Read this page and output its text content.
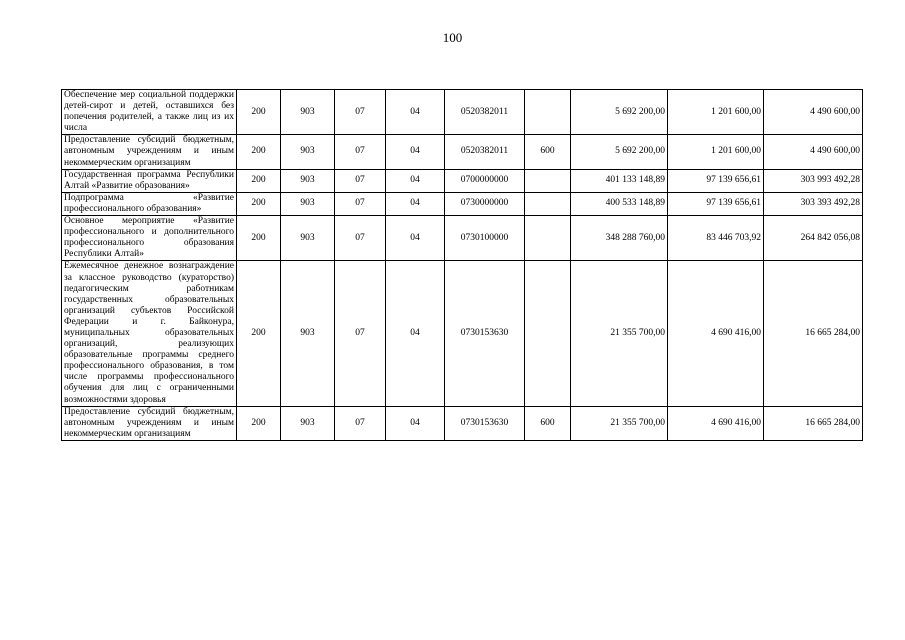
100
Обеспечение мер социальной поддержки детей-сирот и детей, оставшихся без попечения родителей, а также лиц из их числа	200	903	07	04	0520382011		5 692 200,00	1 201 600,00	4 490 600,00
Предоставление субсидий бюджетным, автономным учреждениям и иным некоммерческим организациям	200	903	07	04	0520382011	600	5 692 200,00	1 201 600,00	4 490 600,00
Государственная программа Республики Алтай «Развитие образования»	200	903	07	04	0700000000		401 133 148,89	97 139 656,61	303 993 492,28
Подпрограмма «Развитие профессионального образования»	200	903	07	04	0730000000		400 533 148,89	97 139 656,61	303 393 492,28
Основное мероприятие «Развитие профессионального и дополнительного профессионального образования Республики Алтай»	200	903	07	04	0730100000		348 288 760,00	83 446 703,92	264 842 056,08
Ежемесячное денежное вознаграждение за классное руководство (кураторство) педагогическим работникам государственных образовательных организаций субъектов Российской Федерации и г. Байконура, муниципальных образовательных организаций, реализующих образовательные программы среднего профессионального образования, в том числе программы профессионального обучения для лиц с ограниченными возможностями здоровья	200	903	07	04	0730153630		21 355 700,00	4 690 416,00	16 665 284,00
Предоставление субсидий бюджетным, автономным учреждениям и иным некоммерческим организациям	200	903	07	04	0730153630	600	21 355 700,00	4 690 416,00	16 665 284,00
